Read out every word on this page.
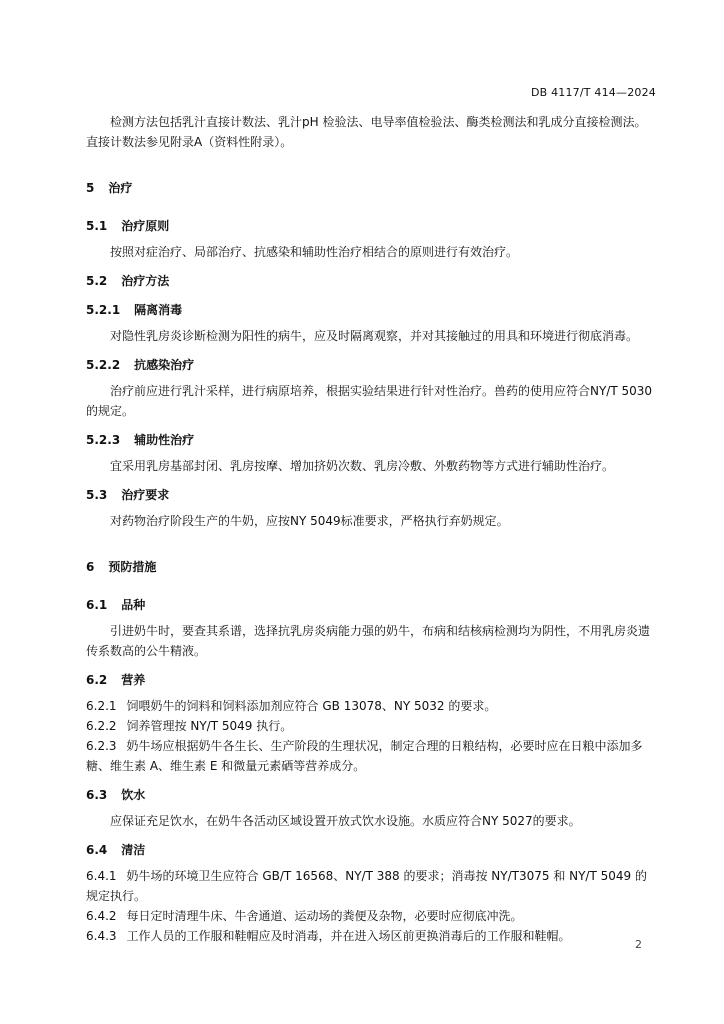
DB 4117/T 414—2024

检测方法包括乳汁直接计数法、乳汁pH 检验法、电导率值检验法、酶类检测法和乳成分直接检测法。直接计数法参见附录A（资料性附录）。

5 治疗
5.1 治疗原则

按照对症治疗、局部治疗、抗感染和辅助性治疗相结合的原则进行有效治疗。

5.2 治疗方法
5.2.1 隔离消毒

对隐性乳房炎诊断检测为阳性的病牛，应及时隔离观察，并对其接触过的用具和环境进行彻底消毒。

5.2.2 抗感染治疗

治疗前应进行乳汁采样，进行病原培养，根据实验结果进行针对性治疗。兽药的使用应符合NY/T 5030的规定。

5.2.3 辅助性治疗

宜采用乳房基部封闭、乳房按摩、增加挤奶次数、乳房冷敷、外敷药物等方式进行辅助性治疗。

5.3 治疗要求

对药物治疗阶段生产的牛奶，应按NY 5049标准要求，严格执行弃奶规定。

6 预防措施
6.1 品种

引进奶牛时，要查其系谱，选择抗乳房炎病能力强的奶牛，布病和结核病检测均为阴性，不用乳房炎遗传系数高的公牛精液。

6.2 营养

6.2.1 饲喂奶牛的饲料和饲料添加剂应符合 GB 13078、NY 5032 的要求。

6.2.2 饲养管理按 NY/T 5049 执行。

6.2.3 奶牛场应根据奶牛各生长、生产阶段的生理状况，制定合理的日粮结构，必要时应在日粮中添加多糖、维生素 A、维生素 E 和微量元素硒等营养成分。

6.3 饮水

应保证充足饮水，在奶牛各活动区域设置开放式饮水设施。水质应符合NY 5027的要求。

6.4 清洁

6.4.1 奶牛场的环境卫生应符合 GB/T 16568、NY/T 388 的要求；消毒按 NY/T3075 和 NY/T 5049 的规定执行。

6.4.2 每日定时清理牛床、牛舍通道、运动场的粪便及杂物，必要时应彻底冲洗。

6.4.3 工作人员的工作服和鞋帽应及时消毒，并在进入场区前更换消毒后的工作服和鞋帽。

2
